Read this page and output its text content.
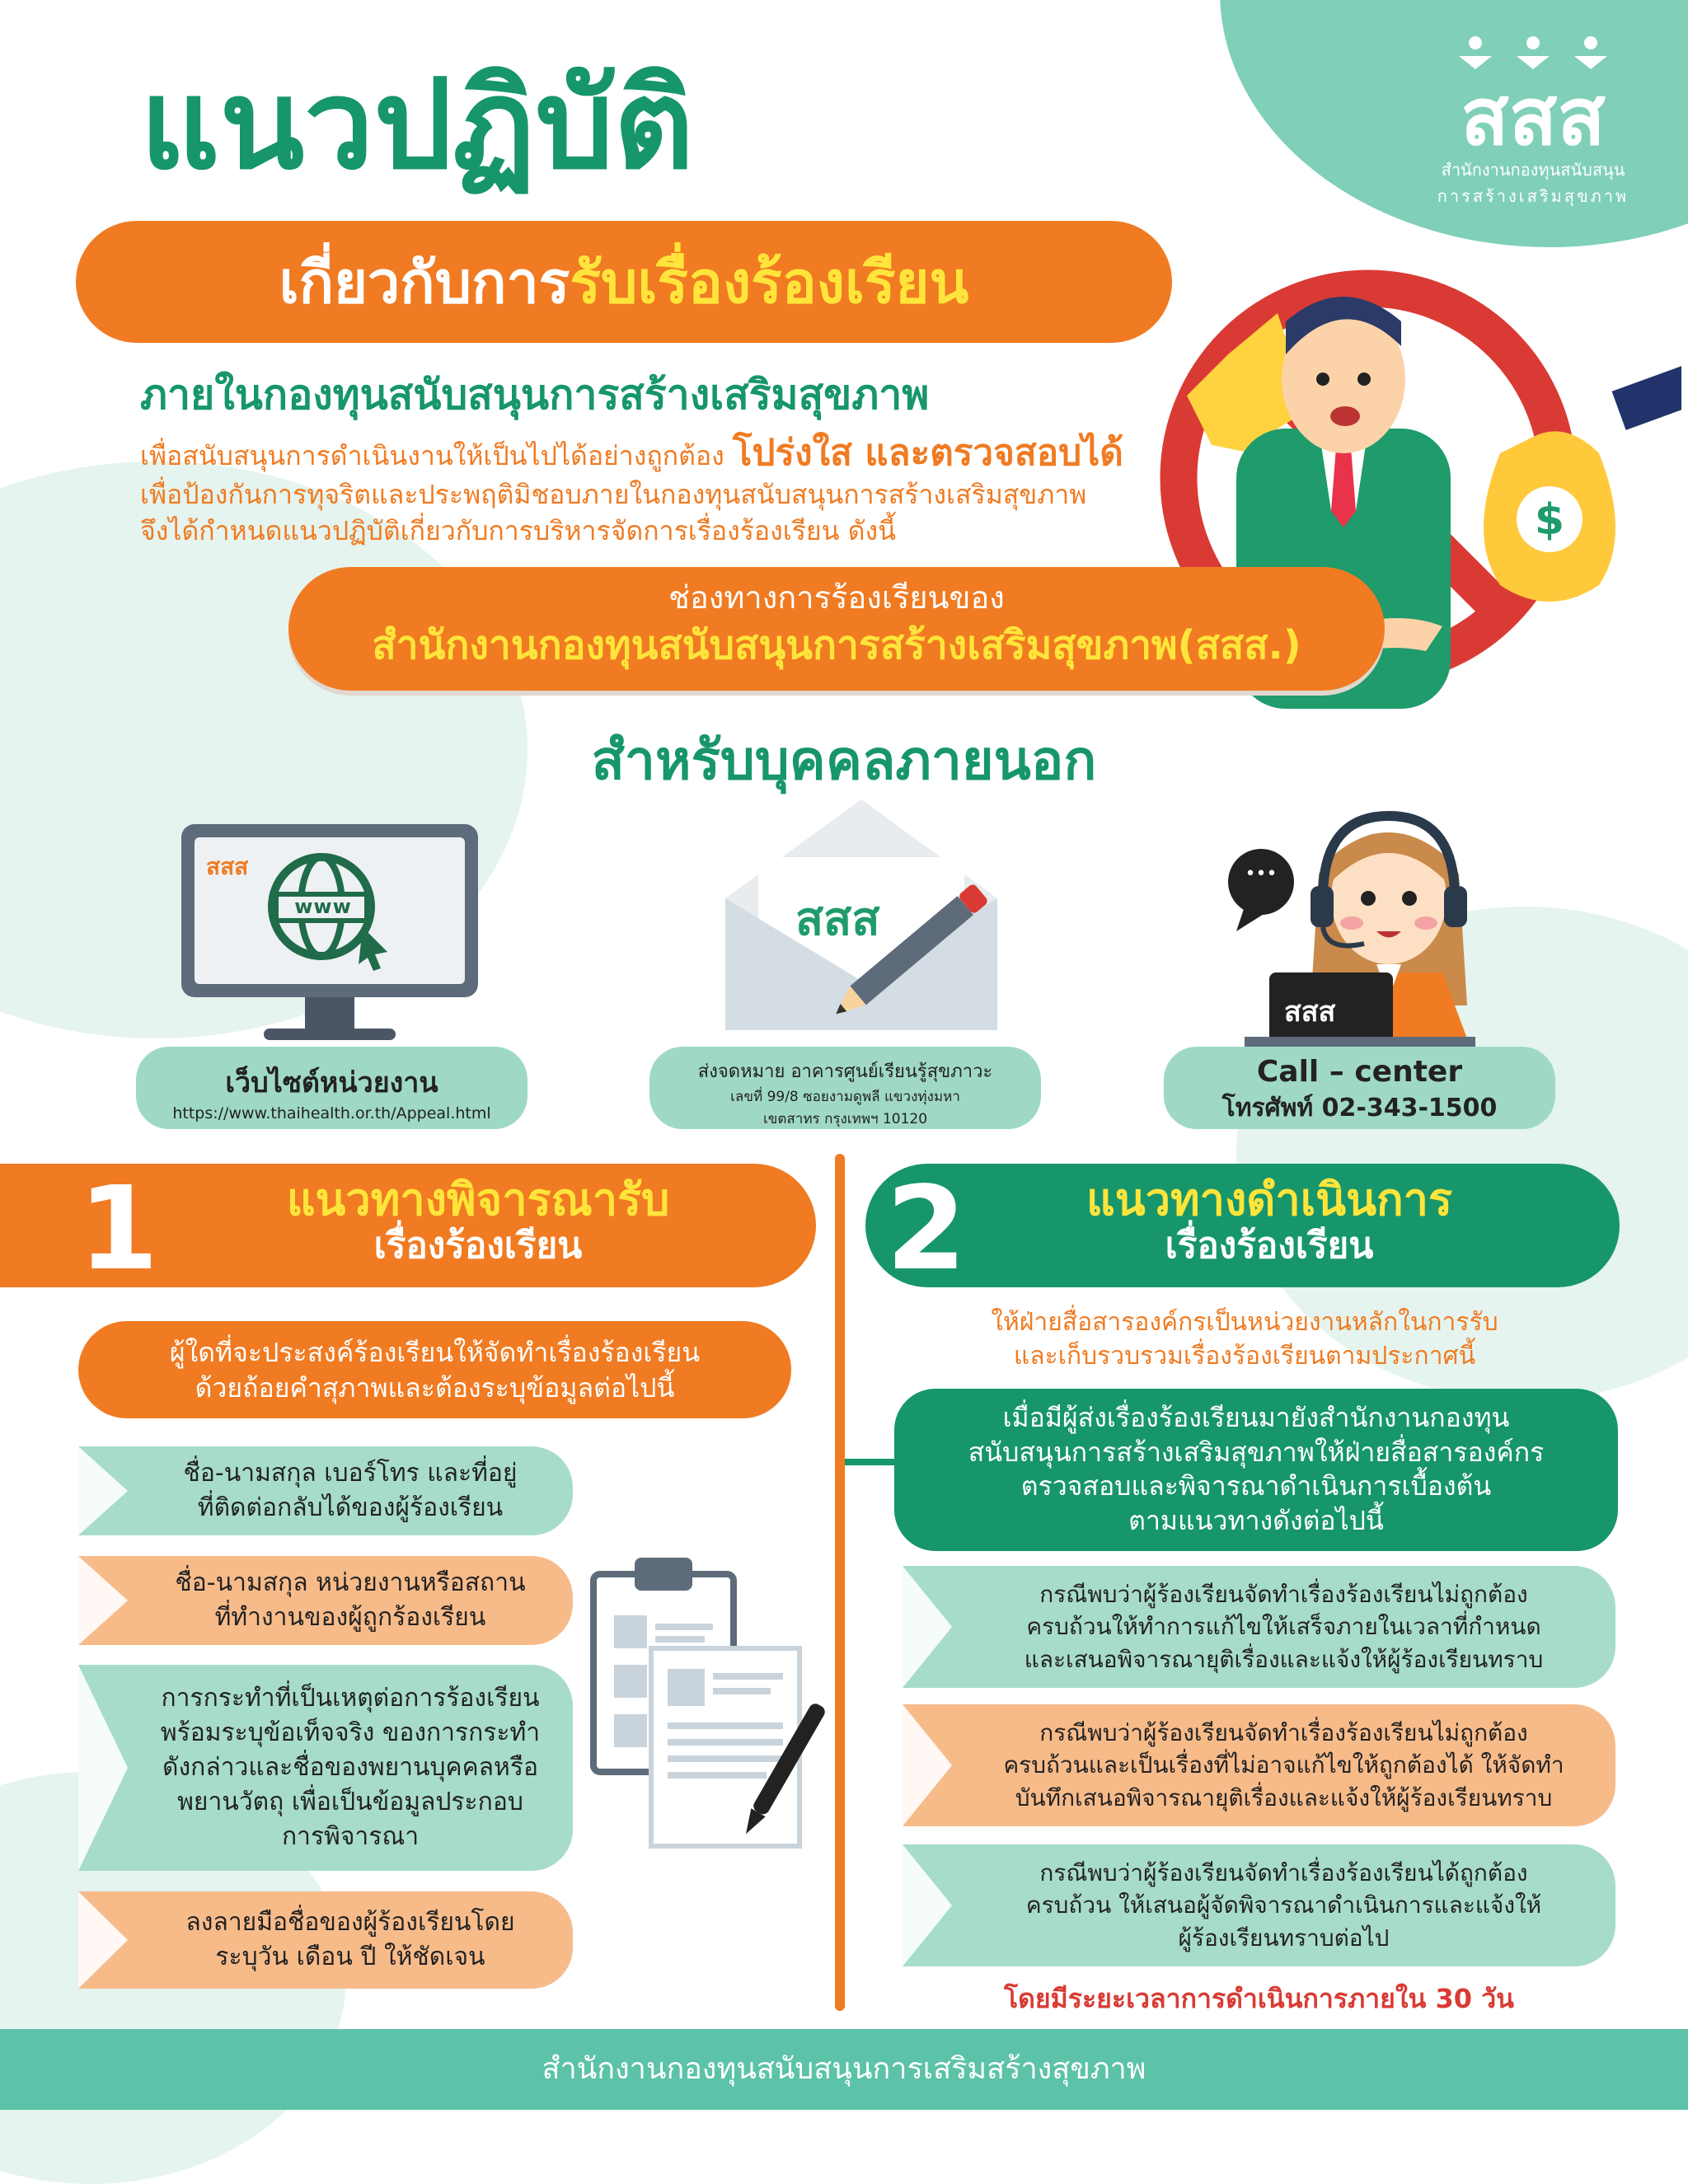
สสส
สำนักงานกองทุนสนับสนุน
การสร้างเสริมสุขภาพ
แนวปฏิบัติ
เกี่ยวกับการ รับเรื่องร้องเรียน
ภายในกองทุนสนับสนุนการสร้างเสริมสุขภาพ
เพื่อสนับสนุนการดำเนินงานให้เป็นไปได้อย่างถูกต้อง โปร่งใส และตรวจสอบได้
เพื่อป้องกันการทุจริตและประพฤติมิชอบภายในกองทุนสนับสนุนการสร้างเสริมสุขภาพ
จึงได้กำหนดแนวปฏิบัติเกี่ยวกับการบริหารจัดการเรื่องร้องเรียน ดังนี้	$
ช่องทางการร้องเรียนของ
สำนักงานกองทุนสนับสนุนการสร้างเสริมสุขภาพ(สสส.)
สำหรับบุคคลภายนอก
สสส
www
เว็บไซต์หน่วยงาน
https://www.thaihealth.or.th/Appeal.html
สสส
ส่งจดหมาย อาคารศูนย์เรียนรู้สุขภาวะ
เลขที่ 99/8 ซอยงามดูพลี แขวงทุ่งมหา
เขตสาทร กรุงเทพฯ 10120
•••
สสส
Call – center
โทรศัพท์ 02-343-1500
1	แนวทางพิจารณารับ
เรื่องร้องเรียน	2	แนวทางดำเนินการ
เรื่องร้องเรียน
ผู้ใดที่จะประสงค์ร้องเรียนให้จัดทำเรื่องร้องเรียน
ด้วยถ้อยคำสุภาพและต้องระบุข้อมูลต่อไปนี้
ชื่อ-นามสกุล เบอร์โทร และที่อยู่
ที่ติดต่อกลับได้ของผู้ร้องเรียน
ชื่อ-นามสกุล หน่วยงานหรือสถาน
ที่ทำงานของผู้ถูกร้องเรียน
การกระทำที่เป็นเหตุต่อการร้องเรียน
พร้อมระบุข้อเท็จจริง ของการกระทำ
ดังกล่าวและชื่อของพยานบุคคลหรือ
พยานวัตถุ เพื่อเป็นข้อมูลประกอบ
การพิจารณา
ลงลายมือชื่อของผู้ร้องเรียนโดย
ระบุวัน เดือน ปี ให้ชัดเจน
ให้ฝ่ายสื่อสารองค์กรเป็นหน่วยงานหลักในการรับ
และเก็บรวบรวมเรื่องร้องเรียนตามประกาศนี้
เมื่อมีผู้ส่งเรื่องร้องเรียนมายังสำนักงานกองทุน
สนับสนุนการสร้างเสริมสุขภาพให้ฝ่ายสื่อสารองค์กร
ตรวจสอบและพิจารณาดำเนินการเบื้องต้น
ตามแนวทางดังต่อไปนี้
กรณีพบว่าผู้ร้องเรียนจัดทำเรื่องร้องเรียนไม่ถูกต้อง
ครบถ้วนให้ทำการแก้ไขให้เสร็จภายในเวลาที่กำหนด
และเสนอพิจารณายุติเรื่องและแจ้งให้ผู้ร้องเรียนทราบ
กรณีพบว่าผู้ร้องเรียนจัดทำเรื่องร้องเรียนไม่ถูกต้อง
ครบถ้วนและเป็นเรื่องที่ไม่อาจแก้ไขให้ถูกต้องได้ ให้จัดทำ
บันทึกเสนอพิจารณายุติเรื่องและแจ้งให้ผู้ร้องเรียนทราบ
กรณีพบว่าผู้ร้องเรียนจัดทำเรื่องร้องเรียนได้ถูกต้อง
ครบถ้วน ให้เสนอผู้จัดพิจารณาดำเนินการและแจ้งให้
ผู้ร้องเรียนทราบต่อไป
โดยมีระยะเวลาการดำเนินการภายใน 30 วัน
สำนักงานกองทุนสนับสนุนการเสริมสร้างสุขภาพ
